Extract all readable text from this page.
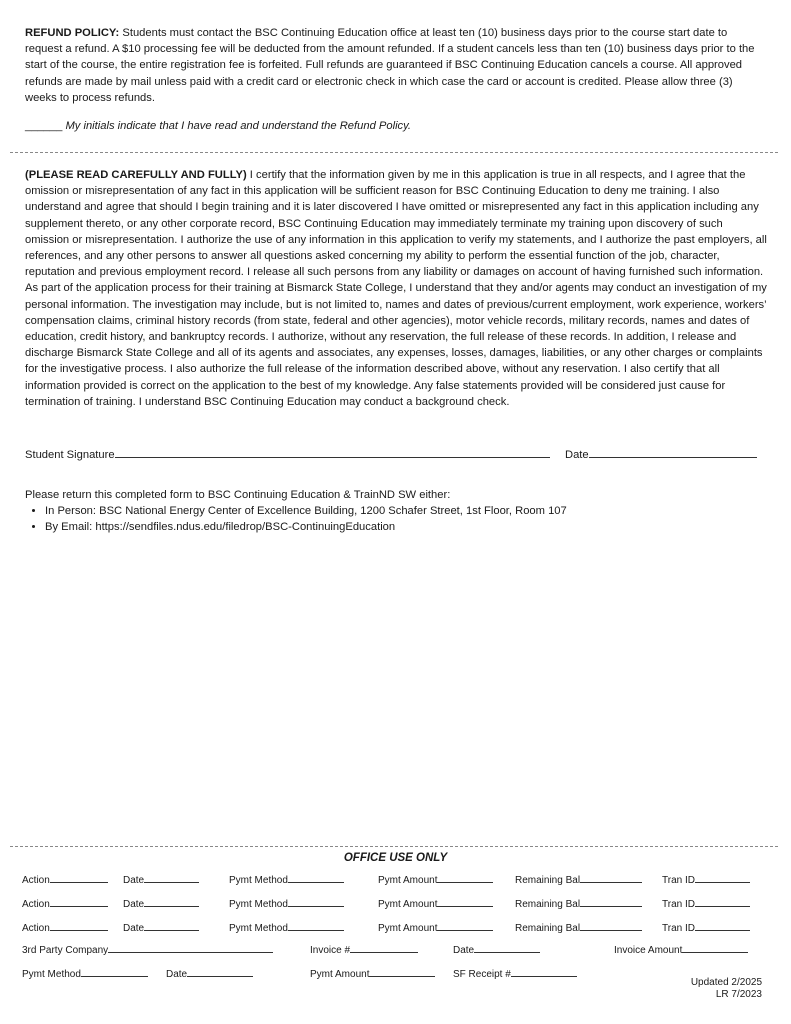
REFUND POLICY: Students must contact the BSC Continuing Education office at least ten (10) business days prior to the course start date to request a refund. A $10 processing fee will be deducted from the amount refunded. If a student cancels less than ten (10) business days prior to the start of the course, the entire registration fee is forfeited. Full refunds are guaranteed if BSC Continuing Education cancels a course. All approved refunds are made by mail unless paid with a credit card or electronic check in which case the card or account is credited. Please allow three (3) weeks to process refunds.

______ My initials indicate that I have read and understand the Refund Policy.

(PLEASE READ CAREFULLY AND FULLY) I certify that the information given by me in this application is true in all respects, and I agree that the omission or misrepresentation of any fact in this application will be sufficient reason for BSC Continuing Education to deny me training. I also understand and agree that should I begin training and it is later discovered I have omitted or misrepresented any fact in this application including any supplement thereto, or any other corporate record, BSC Continuing Education may immediately terminate my training upon discovery of such omission or misrepresentation. I authorize the use of any information in this application to verify my statements, and I authorize the past employers, all references, and any other persons to answer all questions asked concerning my ability to perform the essential function of the job, character, reputation and previous employment record. I release all such persons from any liability or damages on account of having furnished such information. As part of the application process for their training at Bismarck State College, I understand that they and/or agents may conduct an investigation of my personal information. The investigation may include, but is not limited to, names and dates of previous/current employment, work experience, workers’ compensation claims, criminal history records (from state, federal and other agencies), motor vehicle records, military records, names and dates of education, credit history, and bankruptcy records. I authorize, without any reservation, the full release of these records. In addition, I release and discharge Bismarck State College and all of its agents and associates, any expenses, losses, damages, liabilities, or any other charges or complaints for the investigative process. I also authorize the full release of the information described above, without any reservation. I also certify that all information provided is correct on the application to the best of my knowledge. Any false statements provided will be considered just cause for termination of training. I understand BSC Continuing Education may conduct a background check.

Student Signature	Date
Please return this completed form to BSC Continuing Education & TrainND SW either:
• In Person: BSC National Energy Center of Excellence Building, 1200 Schafer Street, 1st Floor, Room 107
• By Email: https://sendfiles.ndus.edu/filedrop/BSC-ContinuingEducation
OFFICE USE ONLY
Action	Date	Pymt Method	Pymt Amount	Remaining Bal	Tran ID
Action	Date	Pymt Method	Pymt Amount	Remaining Bal	Tran ID
Action	Date	Pymt Method	Pymt Amount	Remaining Bal	Tran ID
3rd Party Company	Invoice #	Date	Invoice Amount
Pymt Method	Date	Pymt Amount	SF Receipt #
Updated 2/2025
LR 7/2023
